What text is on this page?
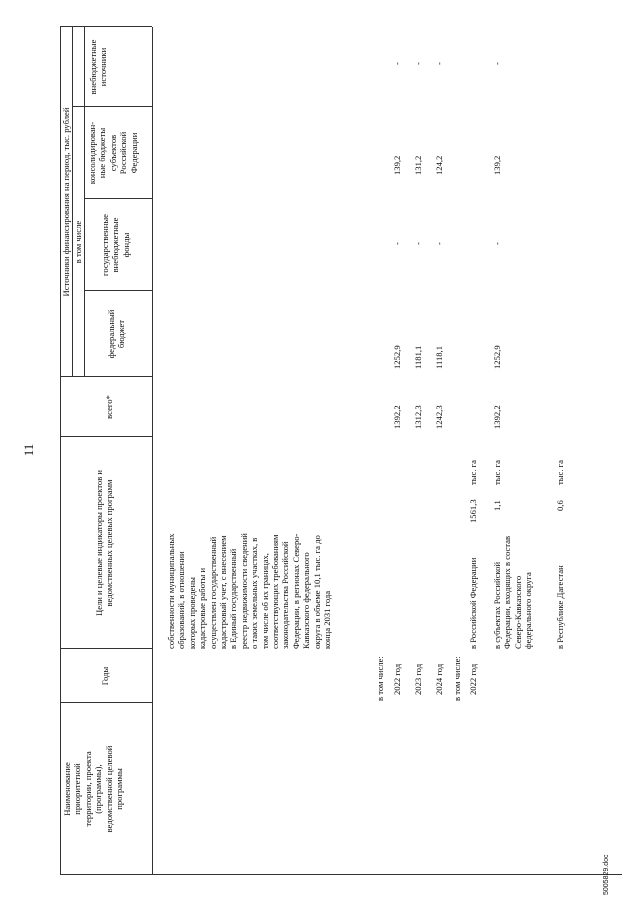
11
Наименование приоритетной территории, проекта (программы), ведомственной целевой программы
Годы
Цели и целевые индикаторы проектов и ведомственных целевых программ
всего*
Источники финансирования на период, тыс. рублей в том числе
федеральный бюджет
государственные внебюджетные фонды
консолидирован- ные бюджеты субъектов Российской Федерации
внебюджетные источники
собственности муниципальных образований, в отношении которых проведены кадастровые работы и осуществлен государственный кадастровый учет, с внесением в Единый государственный реестр недвижимости сведений о таких земельных участках, в том числе об их границах, соответствующих требованиям законодательства Российской Федерации, в регионах Северо- Кавказского федерального округа в объеме 10,1 тыс. га до конца 2031 года
в том числе: 2022 год
1392,2
1252,9
-
139,2
-
2023 год
1312,3
1181,1
-
131,2
-
2024 год
1242,3
1118,1
-
124,2
-
в том числе: 2022 год
в Российской Федерации
1561,3
тыс. га
в субъектах Российской Федерации, входящих в состав Северо-Кавказского федерального округа
1,1
тыс. га
1392,2
1252,9
-
139,2
-
в Республике Дагестан
0,6
тыс. га
5005829.doc
